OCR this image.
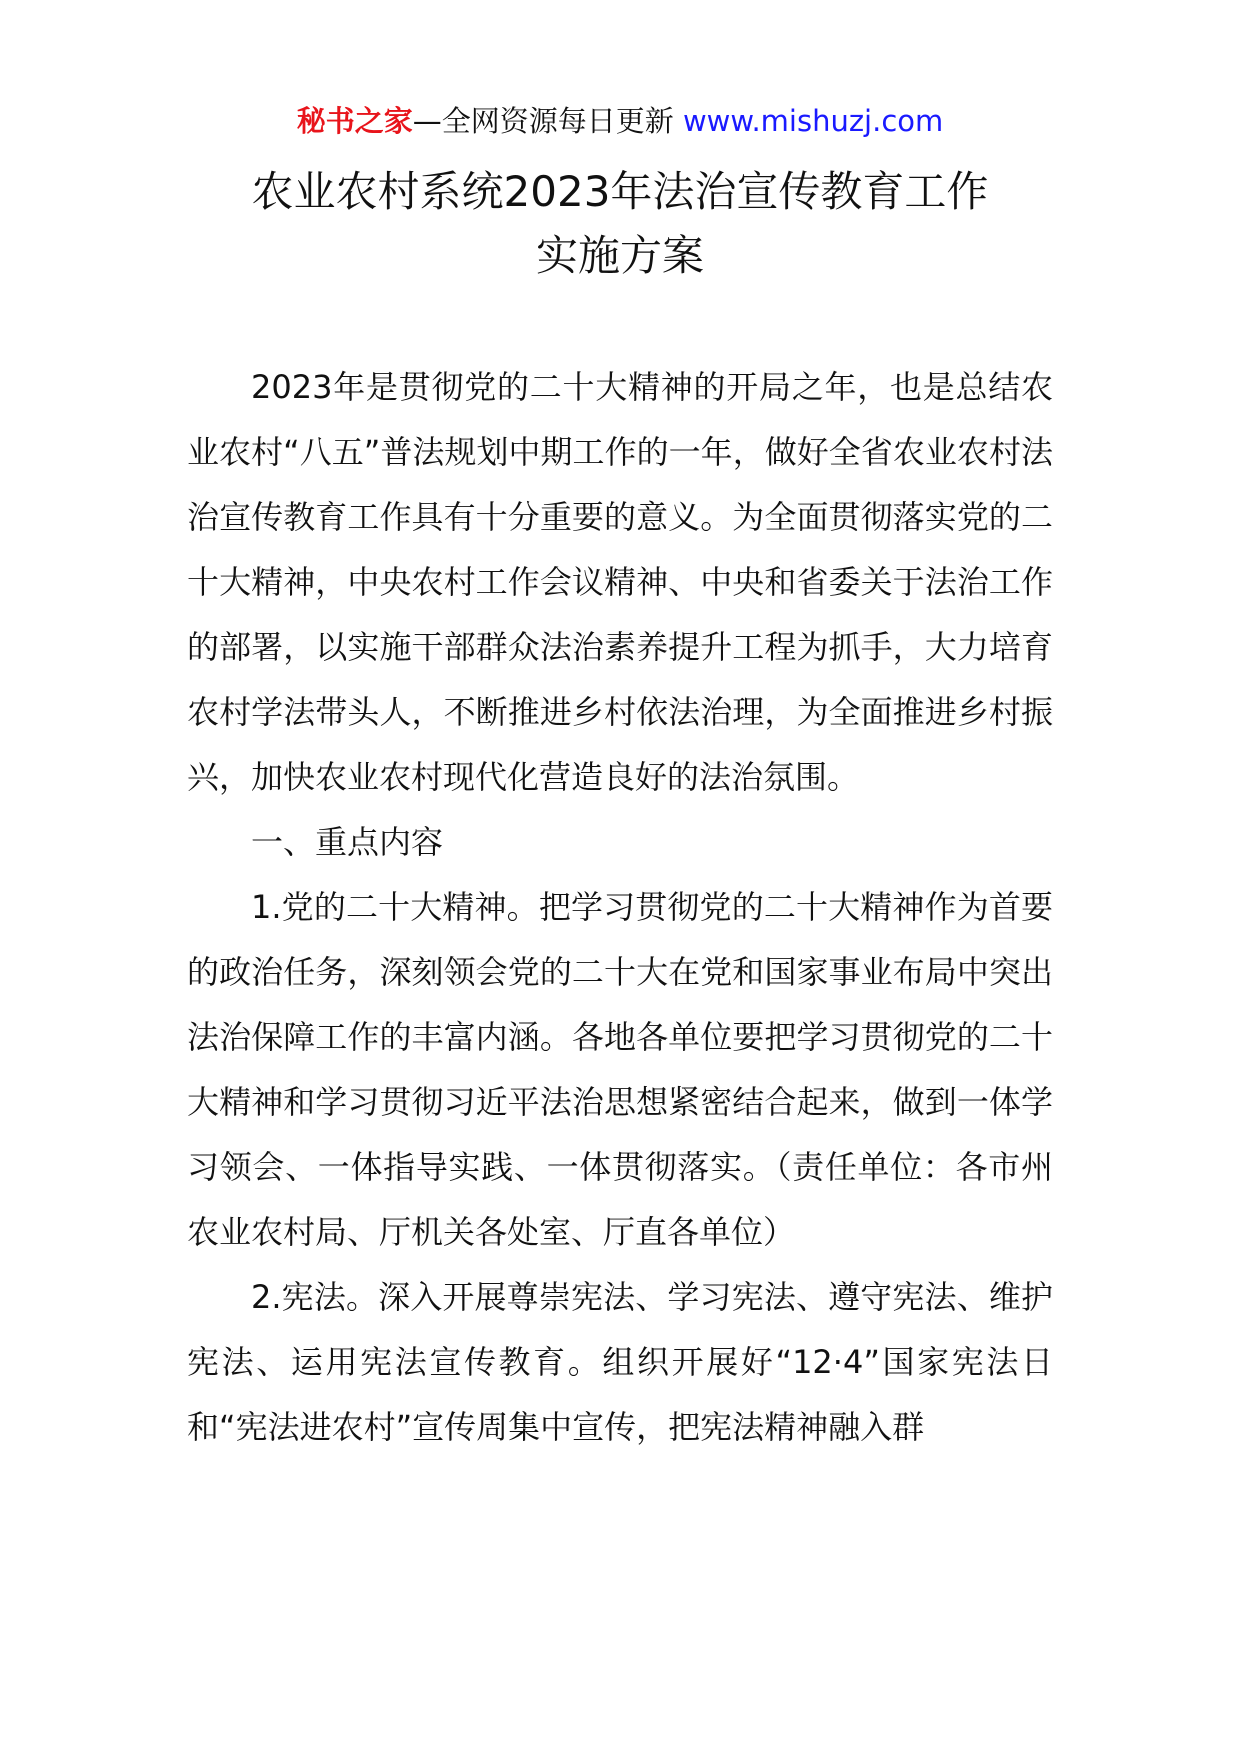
秘书之家—全网资源每日更新 www.mishuzj.com
农业农村系统2023年法治宣传教育工作
实施方案

2023年是贯彻党的二十大精神的开局之年，也是总结农业农村“八五”普法规划中期工作的一年，做好全省农业农村法治宣传教育工作具有十分重要的意义。为全面贯彻落实党的二十大精神，中央农村工作会议精神、中央和省委关于法治工作的部署，以实施干部群众法治素养提升工程为抓手，大力培育农村学法带头人，不断推进乡村依法治理，为全面推进乡村振兴，加快农业农村现代化营造良好的法治氛围。

一、重点内容

1.党的二十大精神。把学习贯彻党的二十大精神作为首要的政治任务，深刻领会党的二十大在党和国家事业布局中突出法治保障工作的丰富内涵。各地各单位要把学习贯彻党的二十大精神和学习贯彻习近平法治思想紧密结合起来，做到一体学习领会、一体指导实践、一体贯彻落实。（责任单位：各市州农业农村局、厅机关各处室、厅直各单位）

2.宪法。深入开展尊崇宪法、学习宪法、遵守宪法、维护宪法、运用宪法宣传教育。组织开展好“12·4”国家宪法日和“宪法进农村”宣传周集中宣传，把宪法精神融入群
